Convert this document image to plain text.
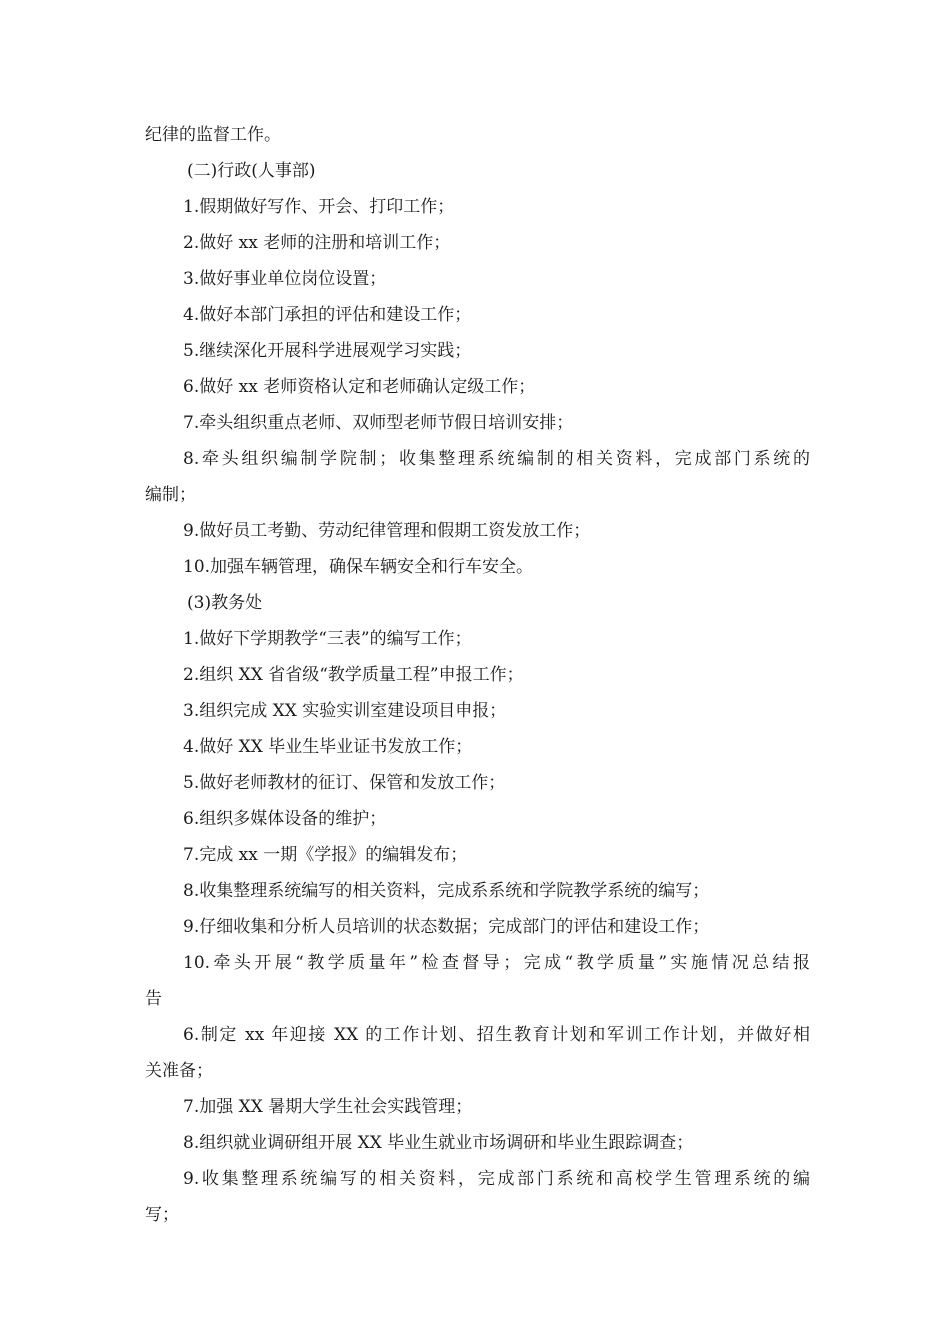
纪律的监督工作。
(二)行政(人事部)
1.假期做好写作、开会、打印工作；
2.做好 xx 老师的注册和培训工作；
3.做好事业单位岗位设置；
4.做好本部门承担的评估和建设工作；
5.继续深化开展科学进展观学习实践；
6.做好 xx 老师资格认定和老师确认定级工作；
7.牵头组织重点老师、双师型老师节假日培训安排；
8.牵头组织编制学院制；收集整理系统编制的相关资料，完成部门系统的
编制；
9.做好员工考勤、劳动纪律管理和假期工资发放工作；
10.加强车辆管理，确保车辆安全和行车安全。
(3)教务处
1.做好下学期教学“三表”的编写工作；
2.组织 XX 省省级“教学质量工程”申报工作；
3.组织完成 XX 实验实训室建设项目申报；
4.做好 XX 毕业生毕业证书发放工作；
5.做好老师教材的征订、保管和发放工作；
6.组织多媒体设备的维护；
7.完成 xx 一期《学报》的编辑发布；
8.收集整理系统编写的相关资料，完成系系统和学院教学系统的编写；
9.仔细收集和分析人员培训的状态数据；完成部门的评估和建设工作；
10.牵头开展“教学质量年”检查督导；完成“教学质量”实施情况总结报
告
6.制定 xx 年迎接 XX 的工作计划、招生教育计划和军训工作计划，并做好相
关准备；
7.加强 XX 暑期大学生社会实践管理；
8.组织就业调研组开展 XX 毕业生就业市场调研和毕业生跟踪调查；
9.收集整理系统编写的相关资料，完成部门系统和高校学生管理系统的编
写；
